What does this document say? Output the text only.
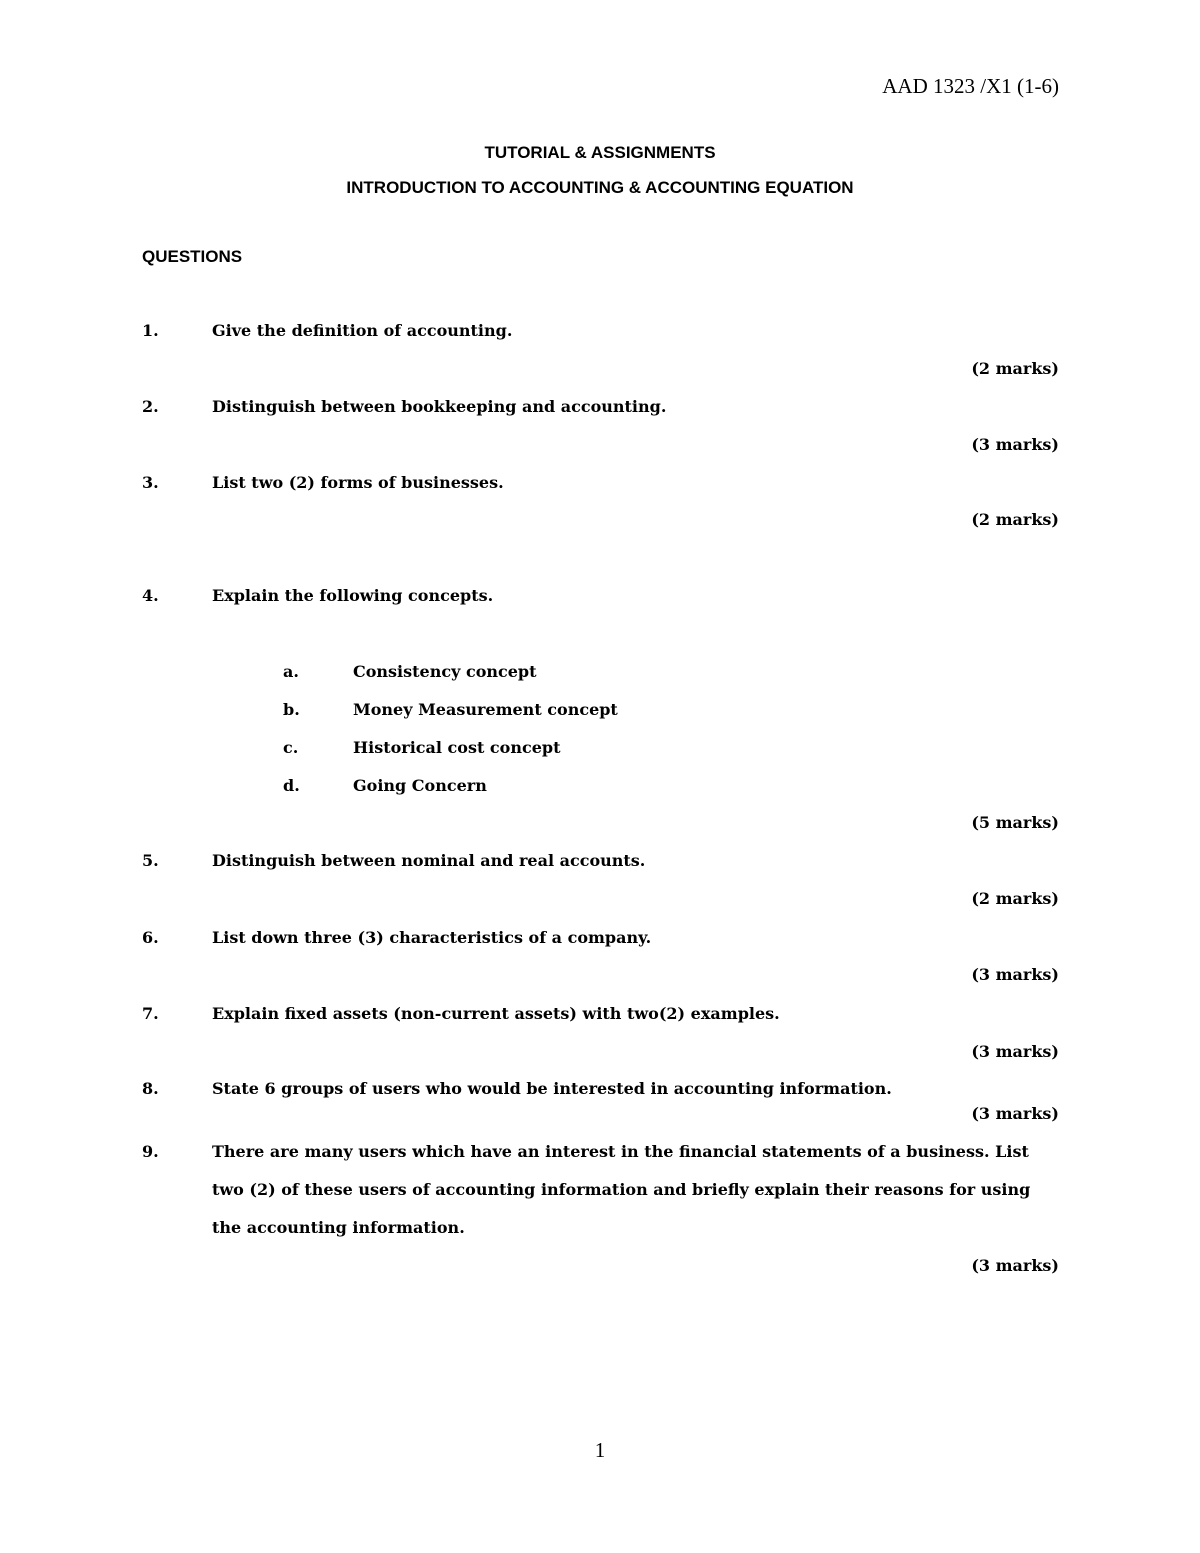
AAD 1323 /X1 (1-6)
TUTORIAL & ASSIGNMENTS
INTRODUCTION TO ACCOUNTING & ACCOUNTING EQUATION
QUESTIONS
1.	Give the definition of accounting.
(2 marks)
2.	Distinguish between bookkeeping and accounting.
(3 marks)
3.	List two (2) forms of businesses.
(2 marks)
4.	Explain the following concepts.
a.	Consistency concept
b.	Money Measurement concept
c.	Historical cost concept
d.	Going Concern
(5 marks)
5.	Distinguish between nominal and real accounts.
(2 marks)
6.	List down three (3) characteristics of a company.
(3 marks)
7.	Explain fixed assets (non-current assets) with two(2) examples.
(3 marks)
8.	State 6 groups of users who would be interested in accounting information.
(3 marks)
9.	There are many users which have an interest in the financial statements of a business. List two (2) of these users of accounting information and briefly explain their reasons for using the accounting information.
(3 marks)
1
